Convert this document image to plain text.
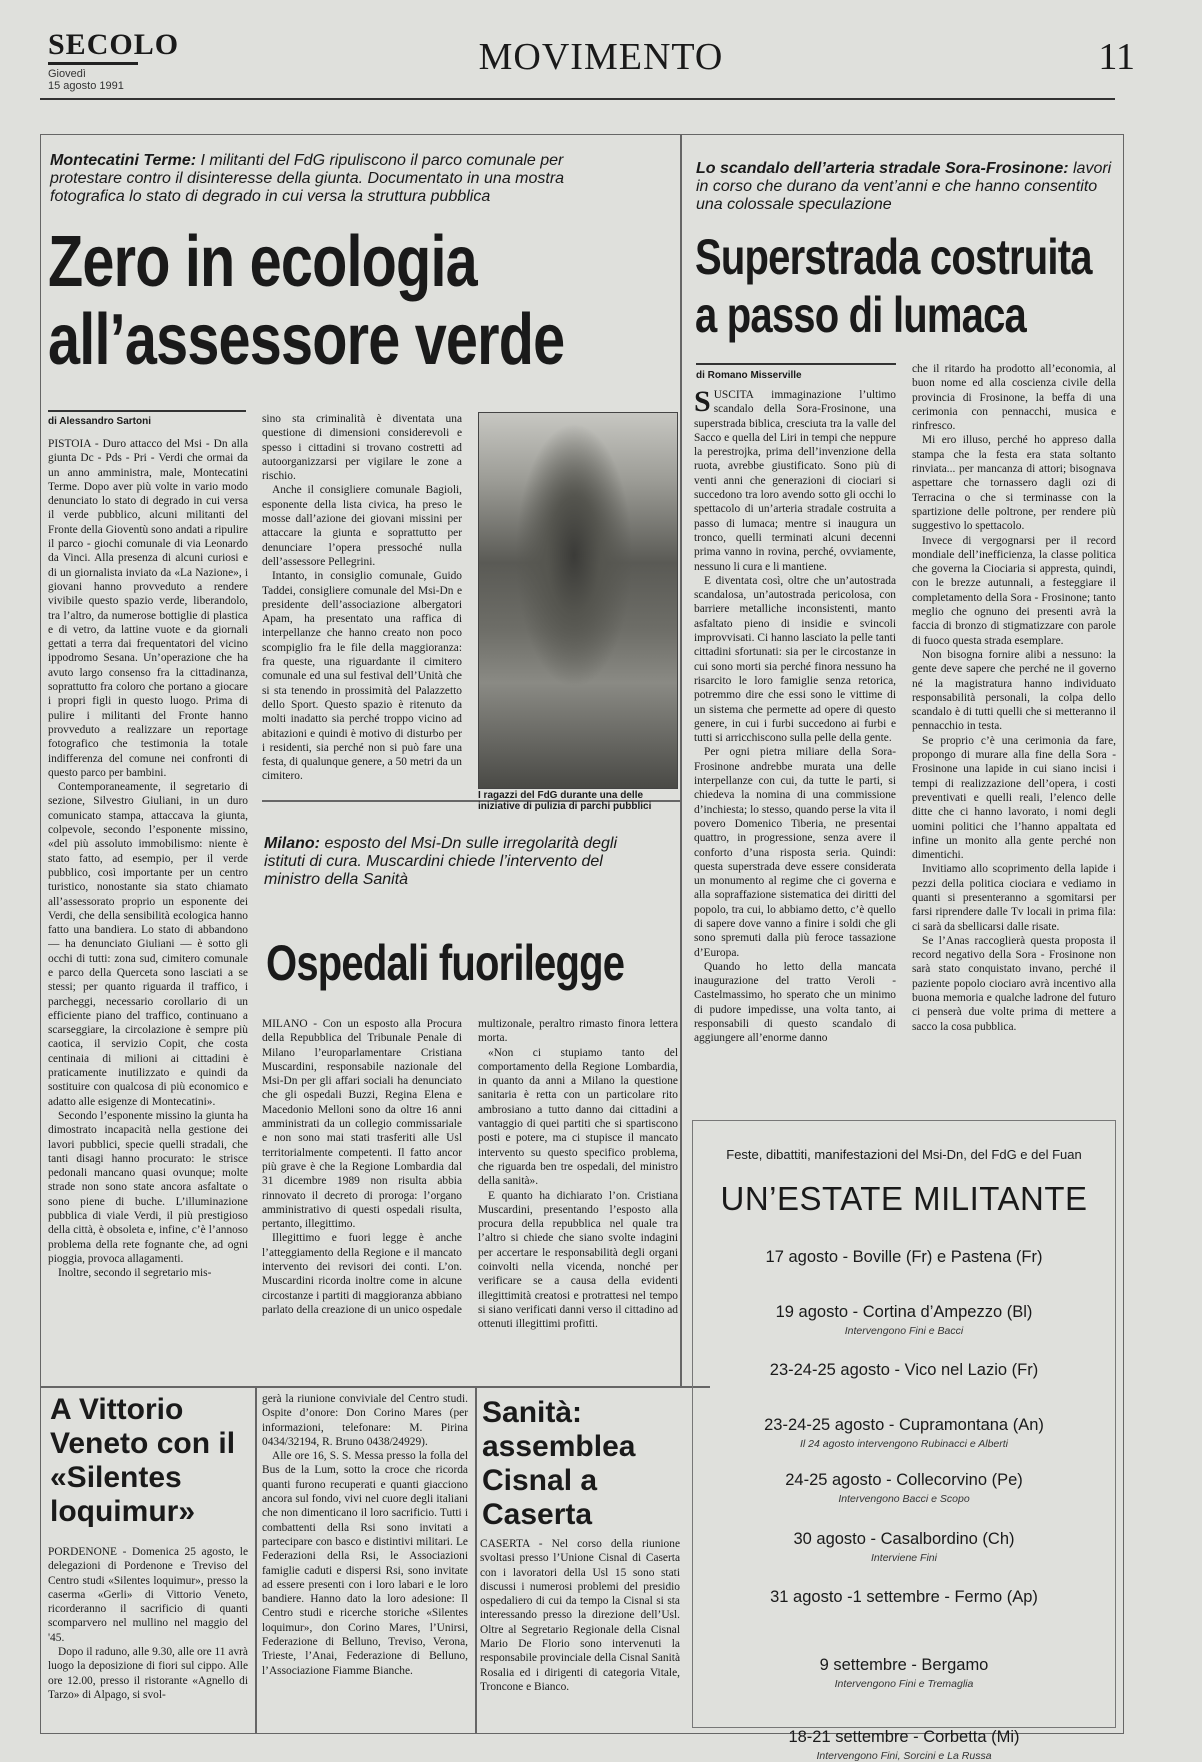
SECOLO
Giovedì
15 agosto 1991
MOVIMENTO	11
Montecatini Terme: I militanti del FdG ripuliscono il parco comunale per protestare contro il disinteresse della giunta. Documentato in una mostra fotografica lo stato di degrado in cui versa la struttura pubblica
Zero in ecologia
all’assessore verde
di Alessandro Sartoni

PISTOIA - Duro attacco del Msi - Dn alla giunta Dc - Pds - Pri - Verdi che ormai da un anno amministra, male, Montecatini Terme. Dopo aver più volte in vario modo denunciato lo stato di degrado in cui versa il verde pubblico, alcuni militanti del Fronte della Gioventù sono andati a ripulire il parco - giochi comunale di via Leonardo da Vinci. Alla presenza di alcuni curiosi e di un giornalista inviato da «La Nazione», i giovani hanno provveduto a rendere vivibile questo spazio verde, liberandolo, tra l’altro, da numerose bottiglie di plastica e di vetro, da lattine vuote e da giornali gettati a terra dai frequentatori del vicino ippodromo Sesana. Un’operazione che ha avuto largo consenso fra la cittadinanza, soprattutto fra coloro che portano a giocare i propri figli in questo luogo. Prima di pulire i militanti del Fronte hanno provveduto a realizzare un reportage fotografico che testimonia la totale indifferenza del comune nei confronti di questo parco per bambini.

Contemporaneamente, il segretario di sezione, Silvestro Giuliani, in un duro comunicato stampa, attaccava la giunta, colpevole, secondo l’esponente missino, «del più assoluto immobilismo: niente è stato fatto, ad esempio, per il verde pubblico, così importante per un centro turistico, nonostante sia stato chiamato all’assessorato proprio un esponente dei Verdi, che della sensibilità ecologica hanno fatto una bandiera. Lo stato di abbandono — ha denunciato Giuliani — è sotto gli occhi di tutti: zona sud, cimitero comunale e parco della Querceta sono lasciati a se stessi; per quanto riguarda il traffico, i parcheggi, necessario corollario di un efficiente piano del traffico, continuano a scarseggiare, la circolazione è sempre più caotica, il servizio Copit, che costa centinaia di milioni ai cittadini è praticamente inutilizzato e quindi da sostituire con qualcosa di più economico e adatto alle esigenze di Montecatini».

Secondo l’esponente missino la giunta ha dimostrato incapacità nella gestione dei lavori pubblici, specie quelli stradali, che tanti disagi hanno procurato: le strisce pedonali mancano quasi ovunque; molte strade non sono state ancora asfaltate o sono piene di buche. L’illuminazione pubblica di viale Verdi, il più prestigioso della città, è obsoleta e, infine, c’è l’annoso problema della rete fognante che, ad ogni pioggia, provoca allagamenti.

Inoltre, secondo il segretario mis-

sino sta criminalità è diventata una questione di dimensioni considerevoli e spesso i cittadini si trovano costretti ad autoorganizzarsi per vigilare le zone a rischio.

Anche il consigliere comunale Bagioli, esponente della lista civica, ha preso le mosse dall’azione dei giovani missini per attaccare la giunta e soprattutto per denunciare l’opera pressoché nulla dell’assessore Pellegrini.

Intanto, in consiglio comunale, Guido Taddei, consigliere comunale del Msi-Dn e presidente dell’associazione albergatori Apam, ha presentato una raffica di interpellanze che hanno creato non poco scompiglio fra le file della maggioranza: fra queste, una riguardante il cimitero comunale ed una sul festival dell’Unità che si sta tenendo in prossimità del Palazzetto dello Sport. Questo spazio è ritenuto da molti inadatto sia perché troppo vicino ad abitazioni e quindi è motivo di disturbo per i residenti, sia perché non si può fare una festa, di qualunque genere, a 50 metri da un cimitero.

I ragazzi del FdG durante una delle iniziative di pulizia di parchi pubblici
Milano: esposto del Msi-Dn sulle irregolarità degli istituti di cura. Muscardini chiede l’intervento del ministro della Sanità
Ospedali fuorilegge

MILANO - Con un esposto alla Procura della Repubblica del Tribunale Penale di Milano l’europarlamentare Cristiana Muscardini, responsabile nazionale del Msi-Dn per gli affari sociali ha denunciato che gli ospedali Buzzi, Regina Elena e Macedonio Melloni sono da oltre 16 anni amministrati da un collegio commissariale e non sono mai stati trasferiti alle Usl territorialmente competenti. Il fatto ancor più grave è che la Regione Lombardia dal 31 dicembre 1989 non risulta abbia rinnovato il decreto di proroga: l’organo amministrativo di questi ospedali risulta, pertanto, illegittimo.

Illegittimo e fuori legge è anche l’atteggiamento della Regione e il mancato intervento dei revisori dei conti. L’on. Muscardini ricorda inoltre come in alcune circostanze i partiti di maggioranza abbiano parlato della creazione di un unico ospedale

multizonale, peraltro rimasto finora lettera morta.

«Non ci stupiamo tanto del comportamento della Regione Lombardia, in quanto da anni a Milano la questione sanitaria è retta con un particolare rito ambrosiano a tutto danno dai cittadini a vantaggio di quei partiti che si spartiscono posti e potere, ma ci stupisce il mancato intervento su questo specifico problema, che riguarda ben tre ospedali, del ministro della sanità».

E quanto ha dichiarato l’on. Cristiana Muscardini, presentando l’esposto alla procura della repubblica nel quale tra l’altro si chiede che siano svolte indagini per accertare le responsabilità degli organi coinvolti nella vicenda, nonché per verificare se a causa della evidenti illegittimità creatosi e protrattesi nel tempo si siano verificati danni verso il cittadino ad ottenuti illegittimi profitti.

Lo scandalo dell’arteria stradale Sora-Frosinone: lavori in corso che durano da vent’anni e che hanno consentito una colossale speculazione
Superstrada costruita
a passo di lumaca
di Romano Misserville

SUSCITA immaginazione l’ultimo scandalo della Sora-Frosinone, una superstrada biblica, cresciuta tra la valle del Sacco e quella del Liri in tempi che neppure la perestrojka, prima dell’invenzione della ruota, avrebbe giustificato. Sono più di venti anni che generazioni di ciociari si succedono tra loro avendo sotto gli occhi lo spettacolo di un’arteria stradale costruita a passo di lumaca; mentre si inaugura un tronco, quelli terminati alcuni decenni prima vanno in rovina, perché, ovviamente, nessuno li cura e li mantiene.

E diventata così, oltre che un’autostrada scandalosa, un’autostrada pericolosa, con barriere metalliche inconsistenti, manto asfaltato pieno di insidie e svincoli improvvisati. Ci hanno lasciato la pelle tanti cittadini sfortunati: sia per le circostanze in cui sono morti sia perché finora nessuno ha risarcito le loro famiglie senza retorica, potremmo dire che essi sono le vittime di un sistema che permette ad opere di questo genere, in cui i furbi succedono ai furbi e tutti si arricchiscono sulla pelle della gente.

Per ogni pietra miliare della Sora-Frosinone andrebbe murata una delle interpellanze con cui, da tutte le parti, si chiedeva la nomina di una commissione d’inchiesta; lo stesso, quando perse la vita il povero Domenico Tiberia, ne presentai quattro, in progressione, senza avere il conforto d’una risposta seria. Quindi: questa superstrada deve essere considerata un monumento al regime che ci governa e alla sopraffazione sistematica dei diritti del popolo, tra cui, lo abbiamo detto, c’è quello di sapere dove vanno a finire i soldi che gli sono spremuti dalla più feroce tassazione d’Europa.

Quando ho letto della mancata inaugurazione del tratto Veroli - Castelmassimo, ho sperato che un minimo di pudore impedisse, una volta tanto, ai responsabili di questo scandalo di aggiungere all’enorme danno

che il ritardo ha prodotto all’economia, al buon nome ed alla coscienza civile della provincia di Frosinone, la beffa di una cerimonia con pennacchi, musica e rinfresco.

Mi ero illuso, perché ho appreso dalla stampa che la festa era stata soltanto rinviata... per mancanza di attori; bisognava aspettare che tornassero dagli ozi di Terracina o che si terminasse con la spartizione delle poltrone, per rendere più suggestivo lo spettacolo.

Invece di vergognarsi per il record mondiale dell’inefficienza, la classe politica che governa la Ciociaria si appresta, quindi, con le brezze autunnali, a festeggiare il completamento della Sora - Frosinone; tanto meglio che ognuno dei presenti avrà la faccia di bronzo di stigmatizzare con parole di fuoco questa strada esemplare.

Non bisogna fornire alibi a nessuno: la gente deve sapere che perché ne il governo né la magistratura hanno individuato responsabilità personali, la colpa dello scandalo è di tutti quelli che si metteranno il pennacchio in testa.

Se proprio c’è una cerimonia da fare, propongo di murare alla fine della Sora - Frosinone una lapide in cui siano incisi i tempi di realizzazione dell’opera, i costi preventivati e quelli reali, l’elenco delle ditte che ci hanno lavorato, i nomi degli uomini politici che l’hanno appaltata ed infine un monito alla gente perché non dimentichi.

Invitiamo allo scoprimento della lapide i pezzi della politica ciociara e vediamo in quanti si presenteranno a sgomitarsi per farsi riprendere dalle Tv locali in prima fila: ci sarà da sbellicarsi dalle risate.

Se l’Anas raccoglierà questa proposta il record negativo della Sora - Frosinone non sarà stato conquistato invano, perché il paziente popolo ciociaro avrà incentivo alla buona memoria e qualche ladrone del futuro ci penserà due volte prima di mettere a sacco la cosa pubblica.

Feste, dibattiti, manifestazioni del Msi-Dn, del FdG e del Fuan
UN’ESTATE MILITANTE
17 agosto - Boville (Fr) e Pastena (Fr)
19 agosto - Cortina d’Ampezzo (Bl)
Intervengono Fini e Bacci
23-24-25 agosto - Vico nel Lazio (Fr)
23-24-25 agosto - Cupramontana (An)
Il 24 agosto intervengono Rubinacci e Alberti
24-25 agosto - Collecorvino (Pe)
Intervengono Bacci e Scopo
30 agosto - Casalbordino (Ch)
Interviene Fini
31 agosto -1 settembre - Fermo (Ap)
9 settembre - Bergamo
Intervengono Fini e Tremaglia
18-21 settembre - Corbetta (Mi)
Intervengono Fini, Sorcini e La Russa
A Vittorio Veneto con il «Silentes loquimur»

PORDENONE - Domenica 25 agosto, le delegazioni di Pordenone e Treviso del Centro studi «Silentes loquimur», presso la caserma «Gerli» di Vittorio Veneto, ricorderanno il sacrificio di quanti scomparvero nel mullino nel maggio del '45.

Dopo il raduno, alle 9.30, alle ore 11 avrà luogo la deposizione di fiori sul cippo. Alle ore 12.00, presso il ristorante «Agnello di Tarzo» di Alpago, si svol-

gerà la riunione conviviale del Centro studi. Ospite d’onore: Don Corino Mares (per informazioni, telefonare: M. Pirina 0434/32194, R. Bruno 0438/24929).

Alle ore 16, S. S. Messa presso la folla del Bus de la Lum, sotto la croce che ricorda quanti furono recuperati e quanti giacciono ancora sul fondo, vivi nel cuore degli italiani che non dimenticano il loro sacrificio. Tutti i combattenti della Rsi sono invitati a partecipare con basco e distintivi militari. Le Federazioni della Rsi, le Associazioni famiglie caduti e dispersi Rsi, sono invitate ad essere presenti con i loro labari e le loro bandiere. Hanno dato la loro adesione: Il Centro studi e ricerche storiche «Silentes loquimur», don Corino Mares, l’Unirsi, Federazione di Belluno, Treviso, Verona, Trieste, l’Anai, Federazione di Belluno, l’Associazione Fiamme Bianche.

Sanità: assemblea Cisnal a Caserta

CASERTA - Nel corso della riunione svoltasi presso l’Unione Cisnal di Caserta con i lavoratori della Usl 15 sono stati discussi i numerosi problemi del presidio ospedaliero di cui da tempo la Cisnal si sta interessando presso la direzione dell’Usl. Oltre al Segretario Regionale della Cisnal Mario De Florio sono intervenuti la responsabile provinciale della Cisnal Sanità Rosalia ed i dirigenti di categoria Vitale, Troncone e Bianco.
